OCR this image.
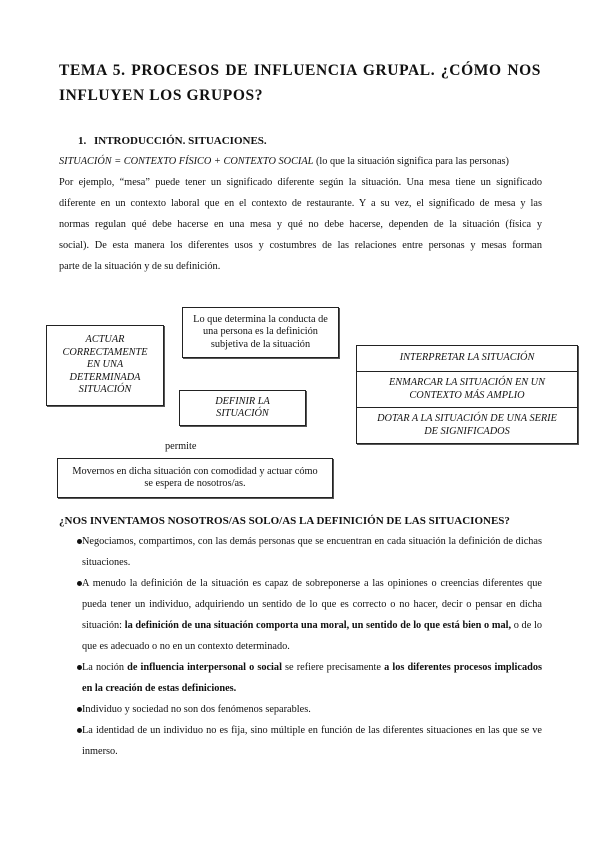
TEMA 5. PROCESOS DE INFLUENCIA GRUPAL. ¿CÓMO NOS
INFLUYEN LOS GRUPOS?
1. INTRODUCCIÓN. SITUACIONES.
SITUACIÓN = CONTEXTO FÍSICO + CONTEXTO SOCIAL (lo que la situación significa para las personas)
Por ejemplo, “mesa” puede tener un significado diferente según la situación. Una mesa tiene un significado
diferente en un contexto laboral que en el contexto de restaurante. Y a su vez, el significado de mesa y las
normas regulan qué debe hacerse en una mesa y qué no debe hacerse, dependen de la situación (física y
social). De esta manera los diferentes usos y costumbres de las relaciones entre personas y mesas forman
parte de la situación y de su definición.
ACTUAR
CORRECTAMENTE
EN UNA
DETERMINADA
SITUACIÓN
Lo que determina la conducta de
una persona es la definición
subjetiva de la situación
DEFINIR LA
SITUACIÓN
INTERPRETAR LA SITUACIÓN
ENMARCAR LA SITUACIÓN EN UN
CONTEXTO MÁS AMPLIO
DOTAR A LA SITUACIÓN DE UNA SERIE
DE SIGNIFICADOS
permite
Movernos en dicha situación con comodidad y actuar cómo
se espera de nosotros/as.
¿NOS INVENTAMOS NOSOTROS/AS SOLO/AS LA DEFINICIÓN DE LAS SITUACIONES?
Negociamos, compartimos, con las demás personas que se encuentran en cada situación la definición de dichas situaciones.
A menudo la definición de la situación es capaz de sobreponerse a las opiniones o creencias diferentes que pueda tener un individuo, adquiriendo un sentido de lo que es correcto o no hacer, decir o pensar en dicha situación: la definición de una situación comporta una moral, un sentido de lo que está bien o mal, o de lo que es adecuado o no en un contexto determinado.
La noción de influencia interpersonal o social se refiere precisamente a los diferentes procesos implicados en la creación de estas definiciones.
Individuo y sociedad no son dos fenómenos separables.
La identidad de un individuo no es fija, sino múltiple en función de las diferentes situaciones en las que se ve inmerso.
